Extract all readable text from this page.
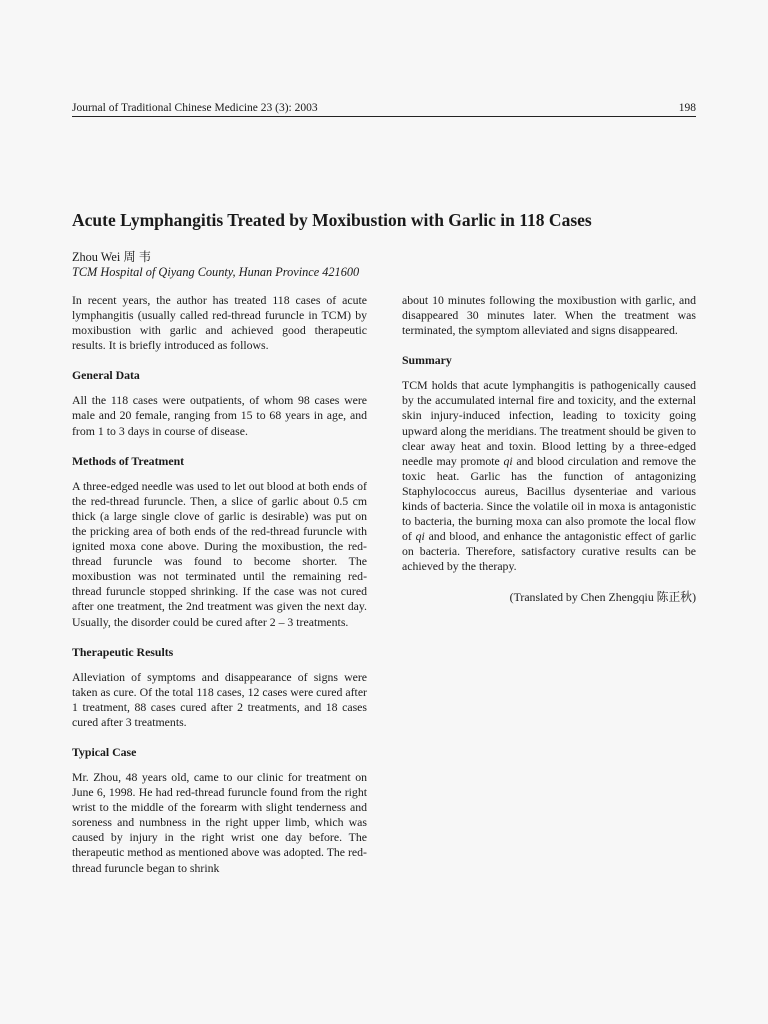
Journal of Traditional Chinese Medicine 23 (3): 2003	198
Acute Lymphangitis Treated by Moxibustion with Garlic in 118 Cases
Zhou Wei 周 韦
TCM Hospital of Qiyang County, Hunan Province 421600

In recent years, the author has treated 118 cases of acute lymphangitis (usually called red-thread furuncle in TCM) by moxibustion with garlic and achieved good therapeutic results. It is briefly introduced as follows.

General Data

All the 118 cases were outpatients, of whom 98 cases were male and 20 female, ranging from 15 to 68 years in age, and from 1 to 3 days in course of disease.

Methods of Treatment

A three-edged needle was used to let out blood at both ends of the red-thread furuncle. Then, a slice of garlic about 0.5 cm thick (a large single clove of garlic is desirable) was put on the pricking area of both ends of the red-thread furuncle with ignited moxa cone above. During the moxibustion, the red-thread furuncle was found to become shorter. The moxibustion was not terminated until the remaining red-thread furuncle stopped shrinking. If the case was not cured after one treatment, the 2nd treatment was given the next day. Usually, the disorder could be cured after 2 – 3 treatments.

Therapeutic Results

Alleviation of symptoms and disappearance of signs were taken as cure. Of the total 118 cases, 12 cases were cured after 1 treatment, 88 cases cured after 2 treatments, and 18 cases cured after 3 treatments.

Typical Case

Mr. Zhou, 48 years old, came to our clinic for treatment on June 6, 1998. He had red-thread furuncle found from the right wrist to the middle of the forearm with slight tenderness and soreness and numbness in the right upper limb, which was caused by injury in the right wrist one day before. The therapeutic method as mentioned above was adopted. The red-thread furuncle began to shrink

about 10 minutes following the moxibustion with garlic, and disappeared 30 minutes later. When the treatment was terminated, the symptom alleviated and signs disappeared.

Summary

TCM holds that acute lymphangitis is pathogenically caused by the accumulated internal fire and toxicity, and the external skin injury-induced infection, leading to toxicity going upward along the meridians. The treatment should be given to clear away heat and toxin. Blood letting by a three-edged needle may promote qi and blood circulation and remove the toxic heat. Garlic has the function of antagonizing Staphylococcus aureus, Bacillus dysenteriae and various kinds of bacteria. Since the volatile oil in moxa is antagonistic to bacteria, the burning moxa can also promote the local flow of qi and blood, and enhance the antagonistic effect of garlic on bacteria. Therefore, satisfactory curative results can be achieved by the therapy.

(Translated by Chen Zhengqiu 陈正秋)
